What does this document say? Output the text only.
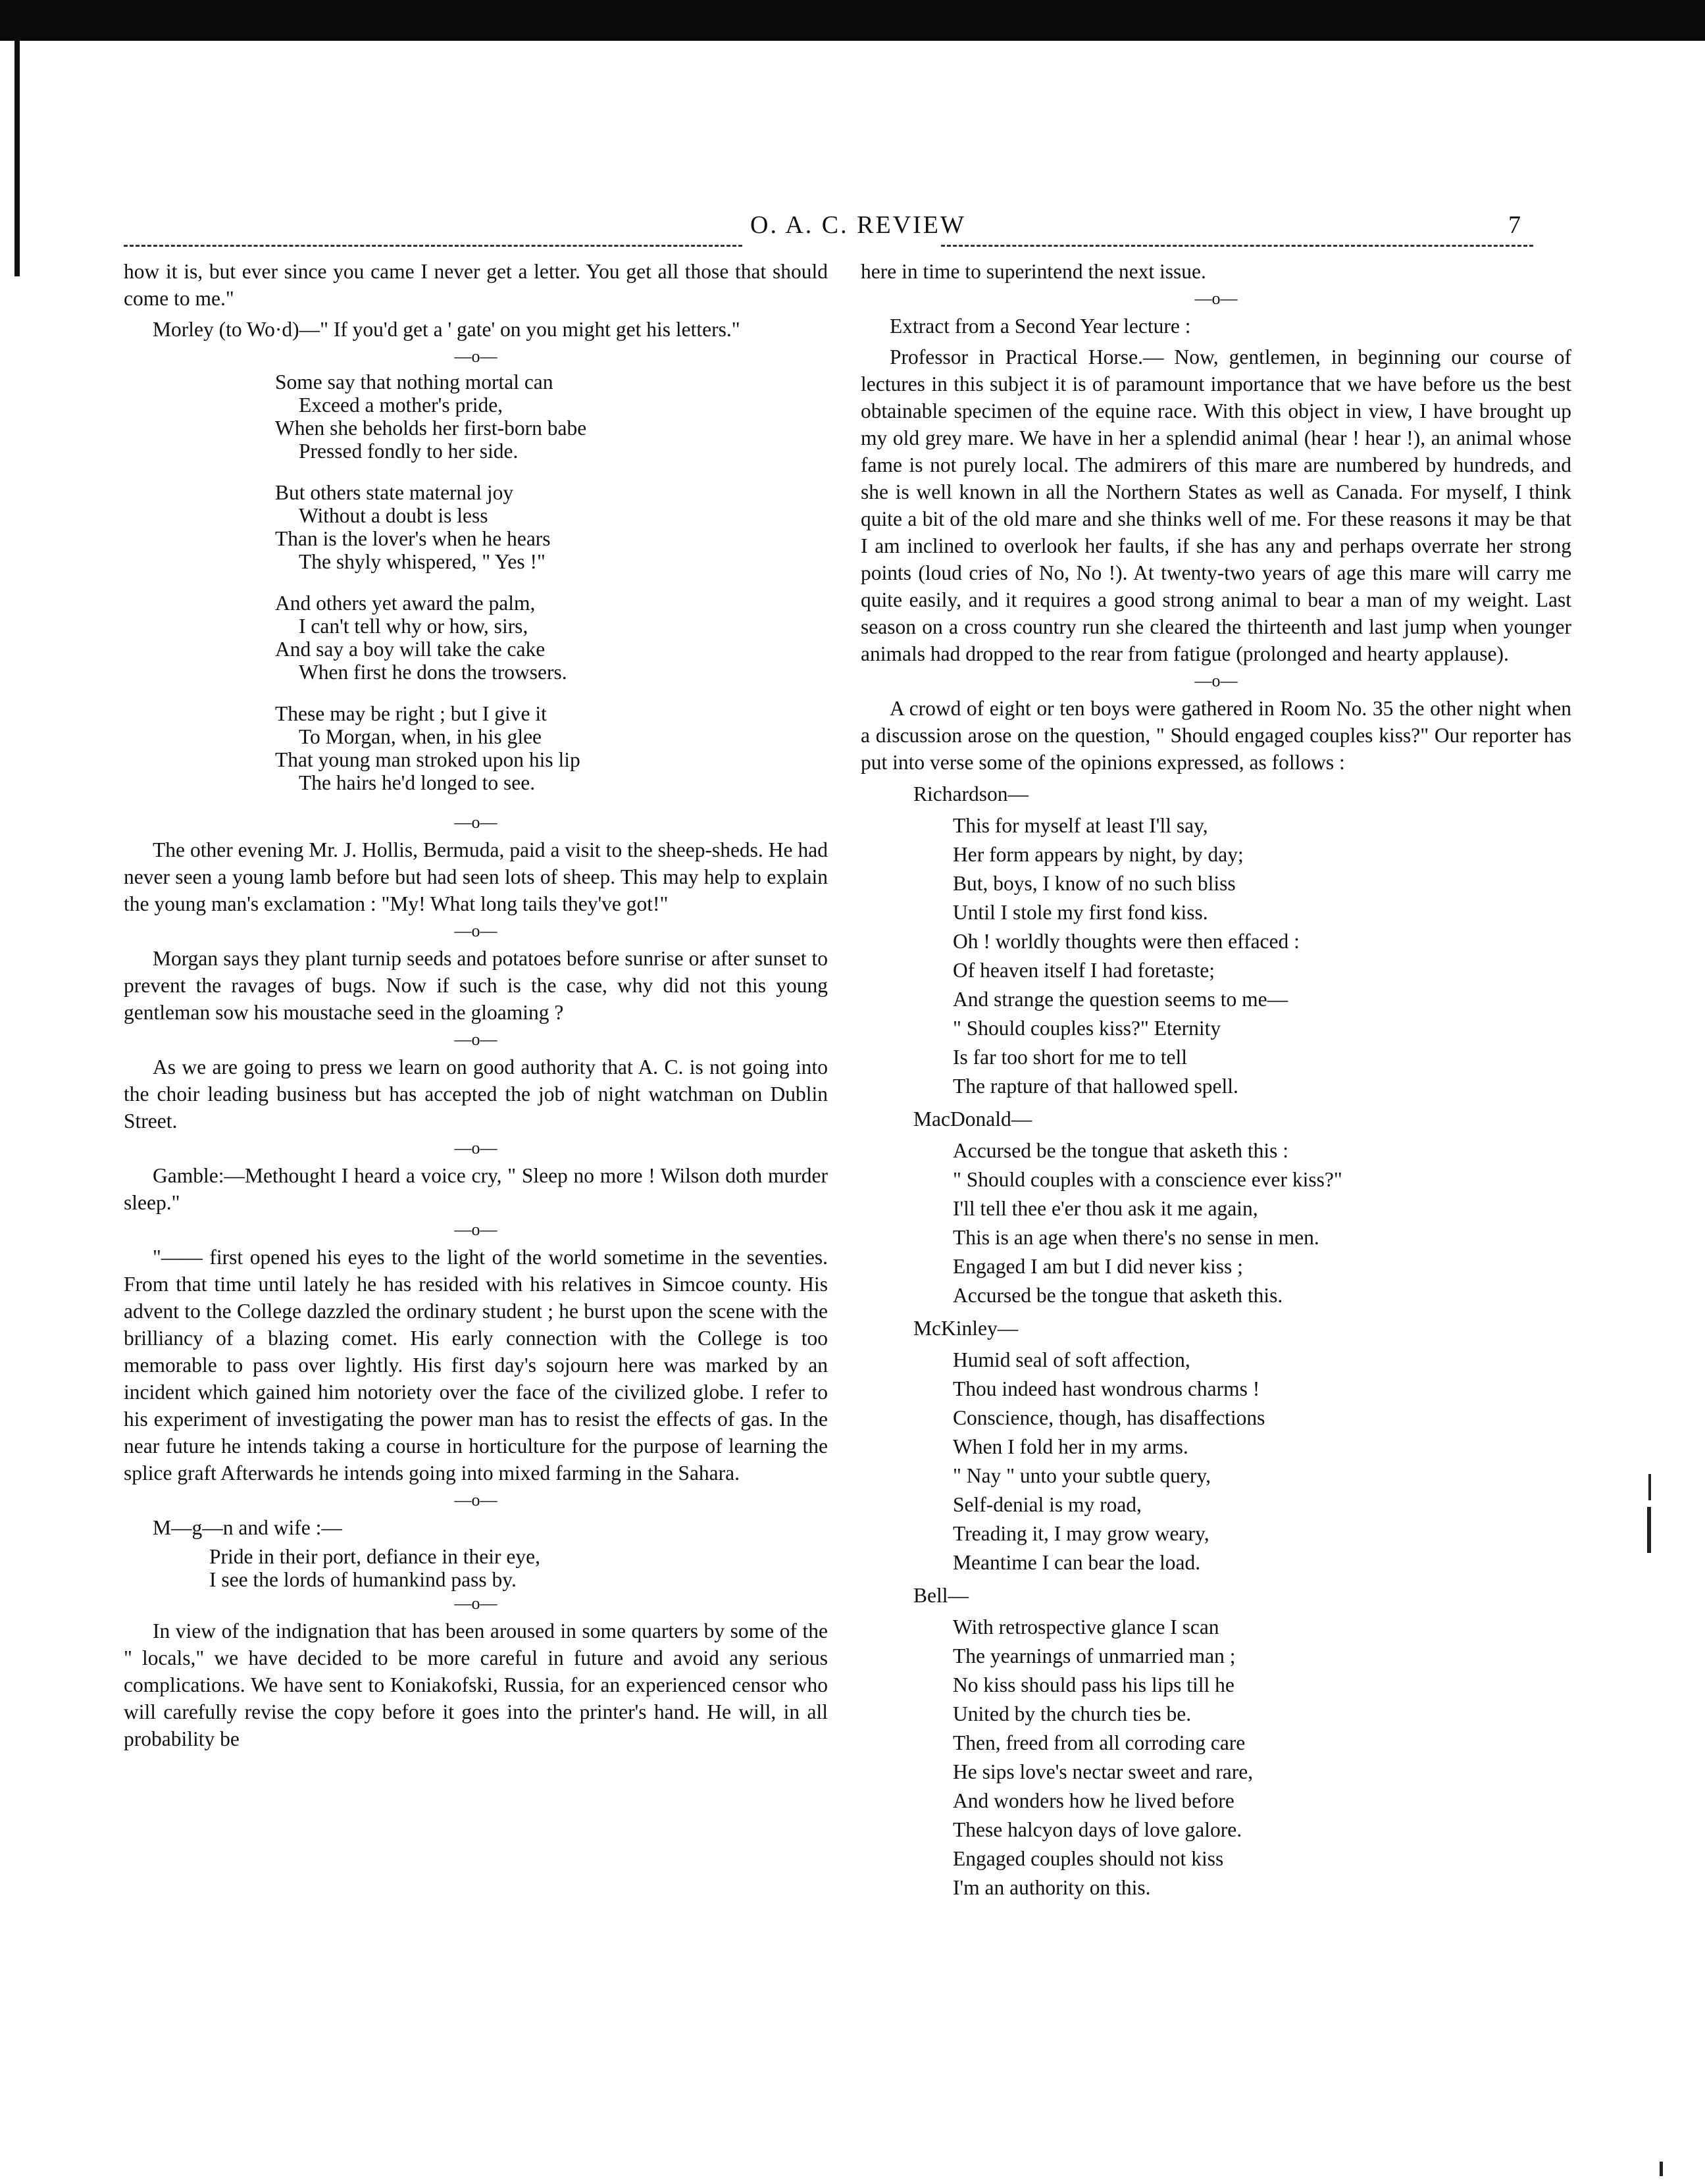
O. A. C. REVIEW	7

how it is, but ever since you came I never get a letter. You get all those that should come to me."

Morley (to Wo·d)—" If you'd get a ' gate' on you might get his letters."

—o—
Some say that nothing mortal can
Exceed a mother's pride,
When she beholds her first-born babe
Pressed fondly to her side.
But others state maternal joy
Without a doubt is less
Than is the lover's when he hears
The shyly whispered, " Yes !"
And others yet award the palm,
I can't tell why or how, sirs,
And say a boy will take the cake
When first he dons the trowsers.
These may be right ; but I give it
To Morgan, when, in his glee
That young man stroked upon his lip
The hairs he'd longed to see.
—o—

The other evening Mr. J. Hollis, Bermuda, paid a visit to the sheep-sheds. He had never seen a young lamb before but had seen lots of sheep. This may help to explain the young man's exclamation : "My! What long tails they've got!"

—o—

Morgan says they plant turnip seeds and potatoes before sunrise or after sunset to prevent the ravages of bugs. Now if such is the case, why did not this young gentleman sow his moustache seed in the gloaming ?

—o—

As we are going to press we learn on good authority that A. C. is not going into the choir leading business but has accepted the job of night watchman on Dublin Street.

—o—

Gamble:—Methought I heard a voice cry, " Sleep no more ! Wilson doth murder sleep."

—o—

"—— first opened his eyes to the light of the world sometime in the seventies. From that time until lately he has resided with his relatives in Simcoe county. His advent to the College dazzled the ordinary student ; he burst upon the scene with the brilliancy of a blazing comet. His early connection with the College is too memorable to pass over lightly. His first day's sojourn here was marked by an incident which gained him notoriety over the face of the civilized globe. I refer to his experiment of investigating the power man has to resist the effects of gas. In the near future he intends taking a course in horticulture for the purpose of learning the splice graft Afterwards he intends going into mixed farming in the Sahara.

—o—

M—g—n and wife :—

Pride in their port, defiance in their eye,
I see the lords of humankind pass by.
—o—

In view of the indignation that has been aroused in some quarters by some of the " locals," we have decided to be more careful in future and avoid any serious complications. We have sent to Koniakofski, Russia, for an experienced censor who will carefully revise the copy before it goes into the printer's hand. He will, in all probability be

here in time to superintend the next issue.

—o—

Extract from a Second Year lecture :

Professor in Practical Horse.— Now, gentlemen, in beginning our course of lectures in this subject it is of paramount importance that we have before us the best obtainable specimen of the equine race. With this object in view, I have brought up my old grey mare. We have in her a splendid animal (hear ! hear !), an animal whose fame is not purely local. The admirers of this mare are numbered by hundreds, and she is well known in all the Northern States as well as Canada. For myself, I think quite a bit of the old mare and she thinks well of me. For these reasons it may be that I am inclined to overlook her faults, if she has any and perhaps overrate her strong points (loud cries of No, No !). At twenty-two years of age this mare will carry me quite easily, and it requires a good strong animal to bear a man of my weight. Last season on a cross country run she cleared the thirteenth and last jump when younger animals had dropped to the rear from fatigue (prolonged and hearty applause).

—o—

A crowd of eight or ten boys were gathered in Room No. 35 the other night when a discussion arose on the question, " Should engaged couples kiss?" Our reporter has put into verse some of the opinions expressed, as follows :

Richardson—
This for myself at least I'll say,
Her form appears by night, by day;
But, boys, I know of no such bliss
Until I stole my first fond kiss.
Oh ! worldly thoughts were then effaced :
Of heaven itself I had foretaste;
And strange the question seems to me—
" Should couples kiss?" Eternity
Is far too short for me to tell
The rapture of that hallowed spell.
MacDonald—
Accursed be the tongue that asketh this :
" Should couples with a conscience ever kiss?"
I'll tell thee e'er thou ask it me again,
This is an age when there's no sense in men.
Engaged I am but I did never kiss ;
Accursed be the tongue that asketh this.
McKinley—
Humid seal of soft affection,
Thou indeed hast wondrous charms !
Conscience, though, has disaffections
When I fold her in my arms.
" Nay " unto your subtle query,
Self-denial is my road,
Treading it, I may grow weary,
Meantime I can bear the load.
Bell—
With retrospective glance I scan
The yearnings of unmarried man ;
No kiss should pass his lips till he
United by the church ties be.
Then, freed from all corroding care
He sips love's nectar sweet and rare,
And wonders how he lived before
These halcyon days of love galore.
Engaged couples should not kiss
I'm an authority on this.
